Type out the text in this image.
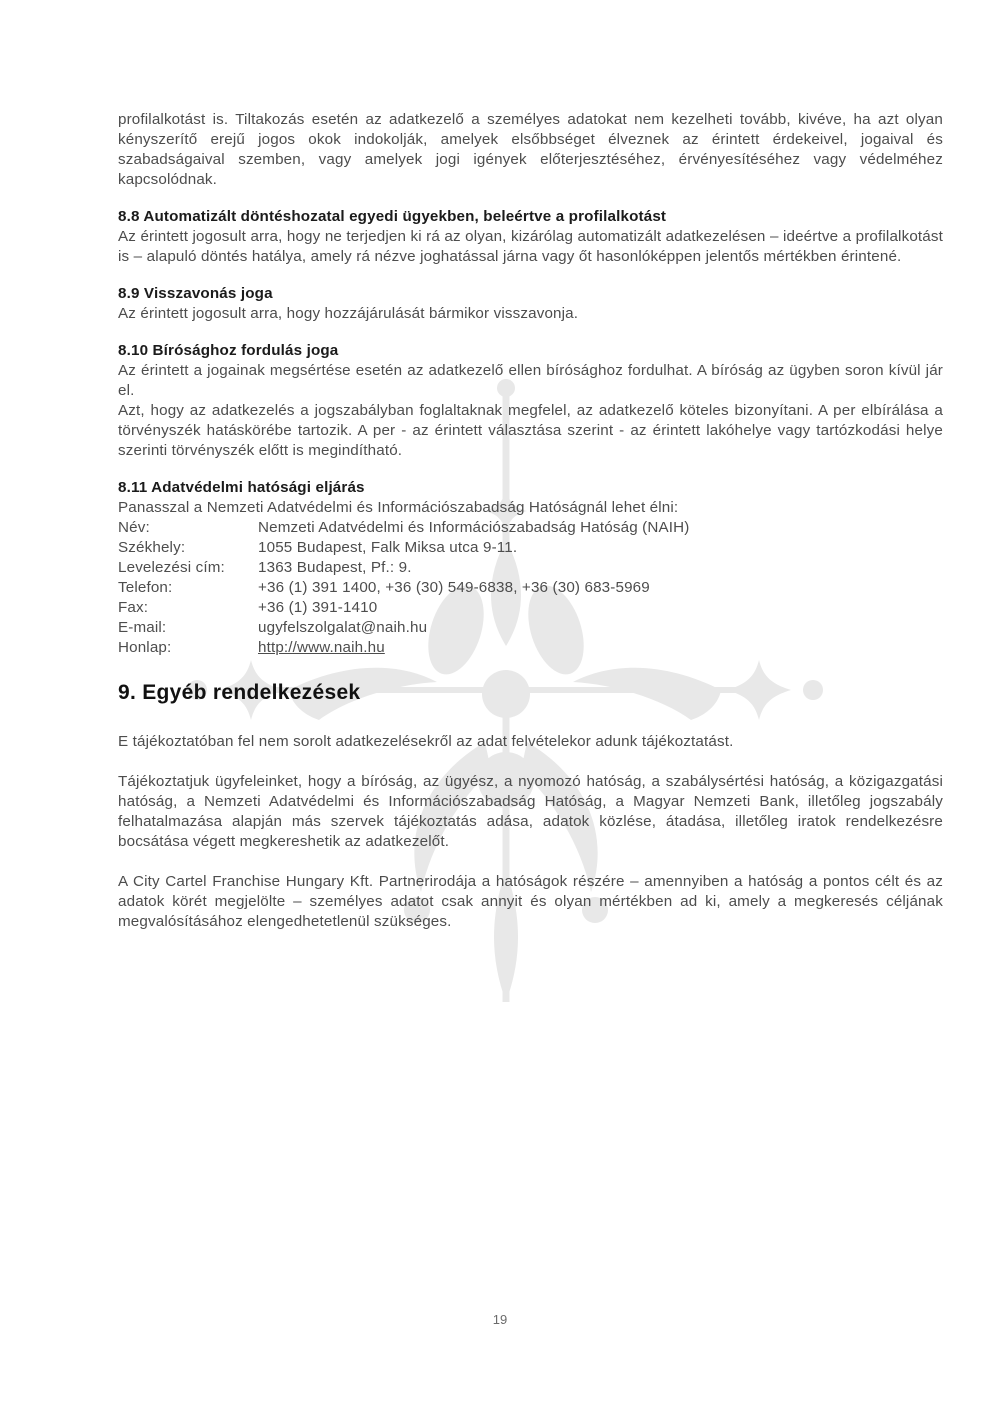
profilalkotást is. Tiltakozás esetén az adatkezelő a személyes adatokat nem kezelheti tovább, kivéve, ha azt olyan kényszerítő erejű jogos okok indokolják, amelyek elsőbbséget élveznek az érintett érdekeivel, jogaival és szabadságaival szemben, vagy amelyek jogi igények előterjesztéséhez, érvényesítéséhez vagy védelméhez kapcsolódnak.

8.8 Automatizált döntéshozatal egyedi ügyekben, beleértve a profilalkotást

Az érintett jogosult arra, hogy ne terjedjen ki rá az olyan, kizárólag automatizált adatkezelésen – ideértve a profilalkotást is – alapuló döntés hatálya, amely rá nézve joghatással járna vagy őt hasonlóképpen jelentős mértékben érintené.

8.9 Visszavonás joga

Az érintett jogosult arra, hogy hozzájárulását bármikor visszavonja.

8.10 Bírósághoz fordulás joga

Az érintett a jogainak megsértése esetén az adatkezelő ellen bírósághoz fordulhat. A bíróság az ügyben soron kívül jár el.

Azt, hogy az adatkezelés a jogszabályban foglaltaknak megfelel, az adatkezelő köteles bizonyítani. A per elbírálása a törvényszék hatáskörébe tartozik. A per - az érintett választása szerint - az érintett lakóhelye vagy tartózkodási helye szerinti törvényszék előtt is megindítható.

8.11 Adatvédelmi hatósági eljárás

Panasszal a Nemzeti Adatvédelmi és Információszabadság Hatóságnál lehet élni:

Név:	Nemzeti Adatvédelmi és Információszabadság Hatóság (NAIH)
Székhely:	1055 Budapest, Falk Miksa utca 9-11.
Levelezési cím:	1363 Budapest, Pf.: 9.
Telefon:	+36 (1) 391 1400, +36 (30) 549-6838, +36 (30) 683-5969
Fax:	+36 (1) 391-1410
E-mail:	ugyfelszolgalat@naih.hu
Honlap:	http://www.naih.hu
9. Egyéb rendelkezések

E tájékoztatóban fel nem sorolt adatkezelésekről az adat felvételekor adunk tájékoztatást.

Tájékoztatjuk ügyfeleinket, hogy a bíróság, az ügyész, a nyomozó hatóság, a szabálysértési hatóság, a közigazgatási hatóság, a Nemzeti Adatvédelmi és Információszabadság Hatóság, a Magyar Nemzeti Bank, illetőleg jogszabály felhatalmazása alapján más szervek tájékoztatás adása, adatok közlése, átadása, illetőleg iratok rendelkezésre bocsátása végett megkereshetik az adatkezelőt.

A City Cartel Franchise Hungary Kft. Partnerirodája a hatóságok részére – amennyiben a hatóság a pontos célt és az adatok körét megjelölte – személyes adatot csak annyit és olyan mértékben ad ki, amely a megkeresés céljának megvalósításához elengedhetetlenül szükséges.

19
